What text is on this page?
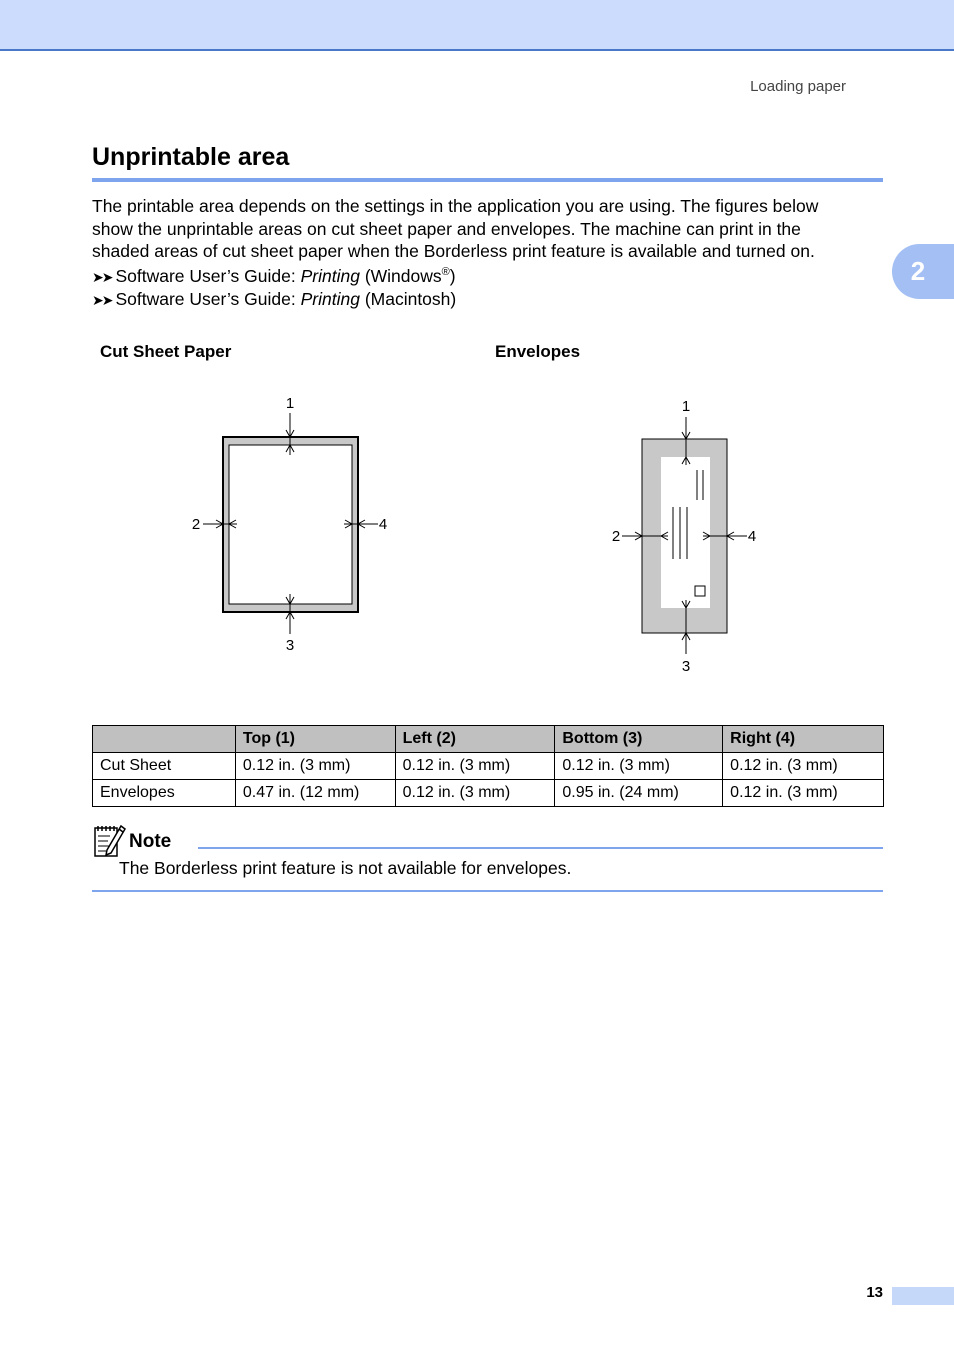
Loading paper
2
Unprintable area

The printable area depends on the settings in the application you are using. The figures below
show the unprintable areas on cut sheet paper and envelopes. The machine can print in the
shaded areas of cut sheet paper when the Borderless print feature is available and turned on.

➤➤ Software User’s Guide: Printing (Windows®)
➤➤ Software User’s Guide: Printing (Macintosh)
Cut Sheet Paper	Envelopes
1
2
3
4
1
2
3
4
	Top (1)	Left (2)	Bottom (3)	Right (4)
Cut Sheet	0.12 in. (3 mm)	0.12 in. (3 mm)	0.12 in. (3 mm)	0.12 in. (3 mm)
Envelopes	0.47 in. (12 mm)	0.12 in. (3 mm)	0.95 in. (24 mm)	0.12 in. (3 mm)
Note
The Borderless print feature is not available for envelopes.
13
